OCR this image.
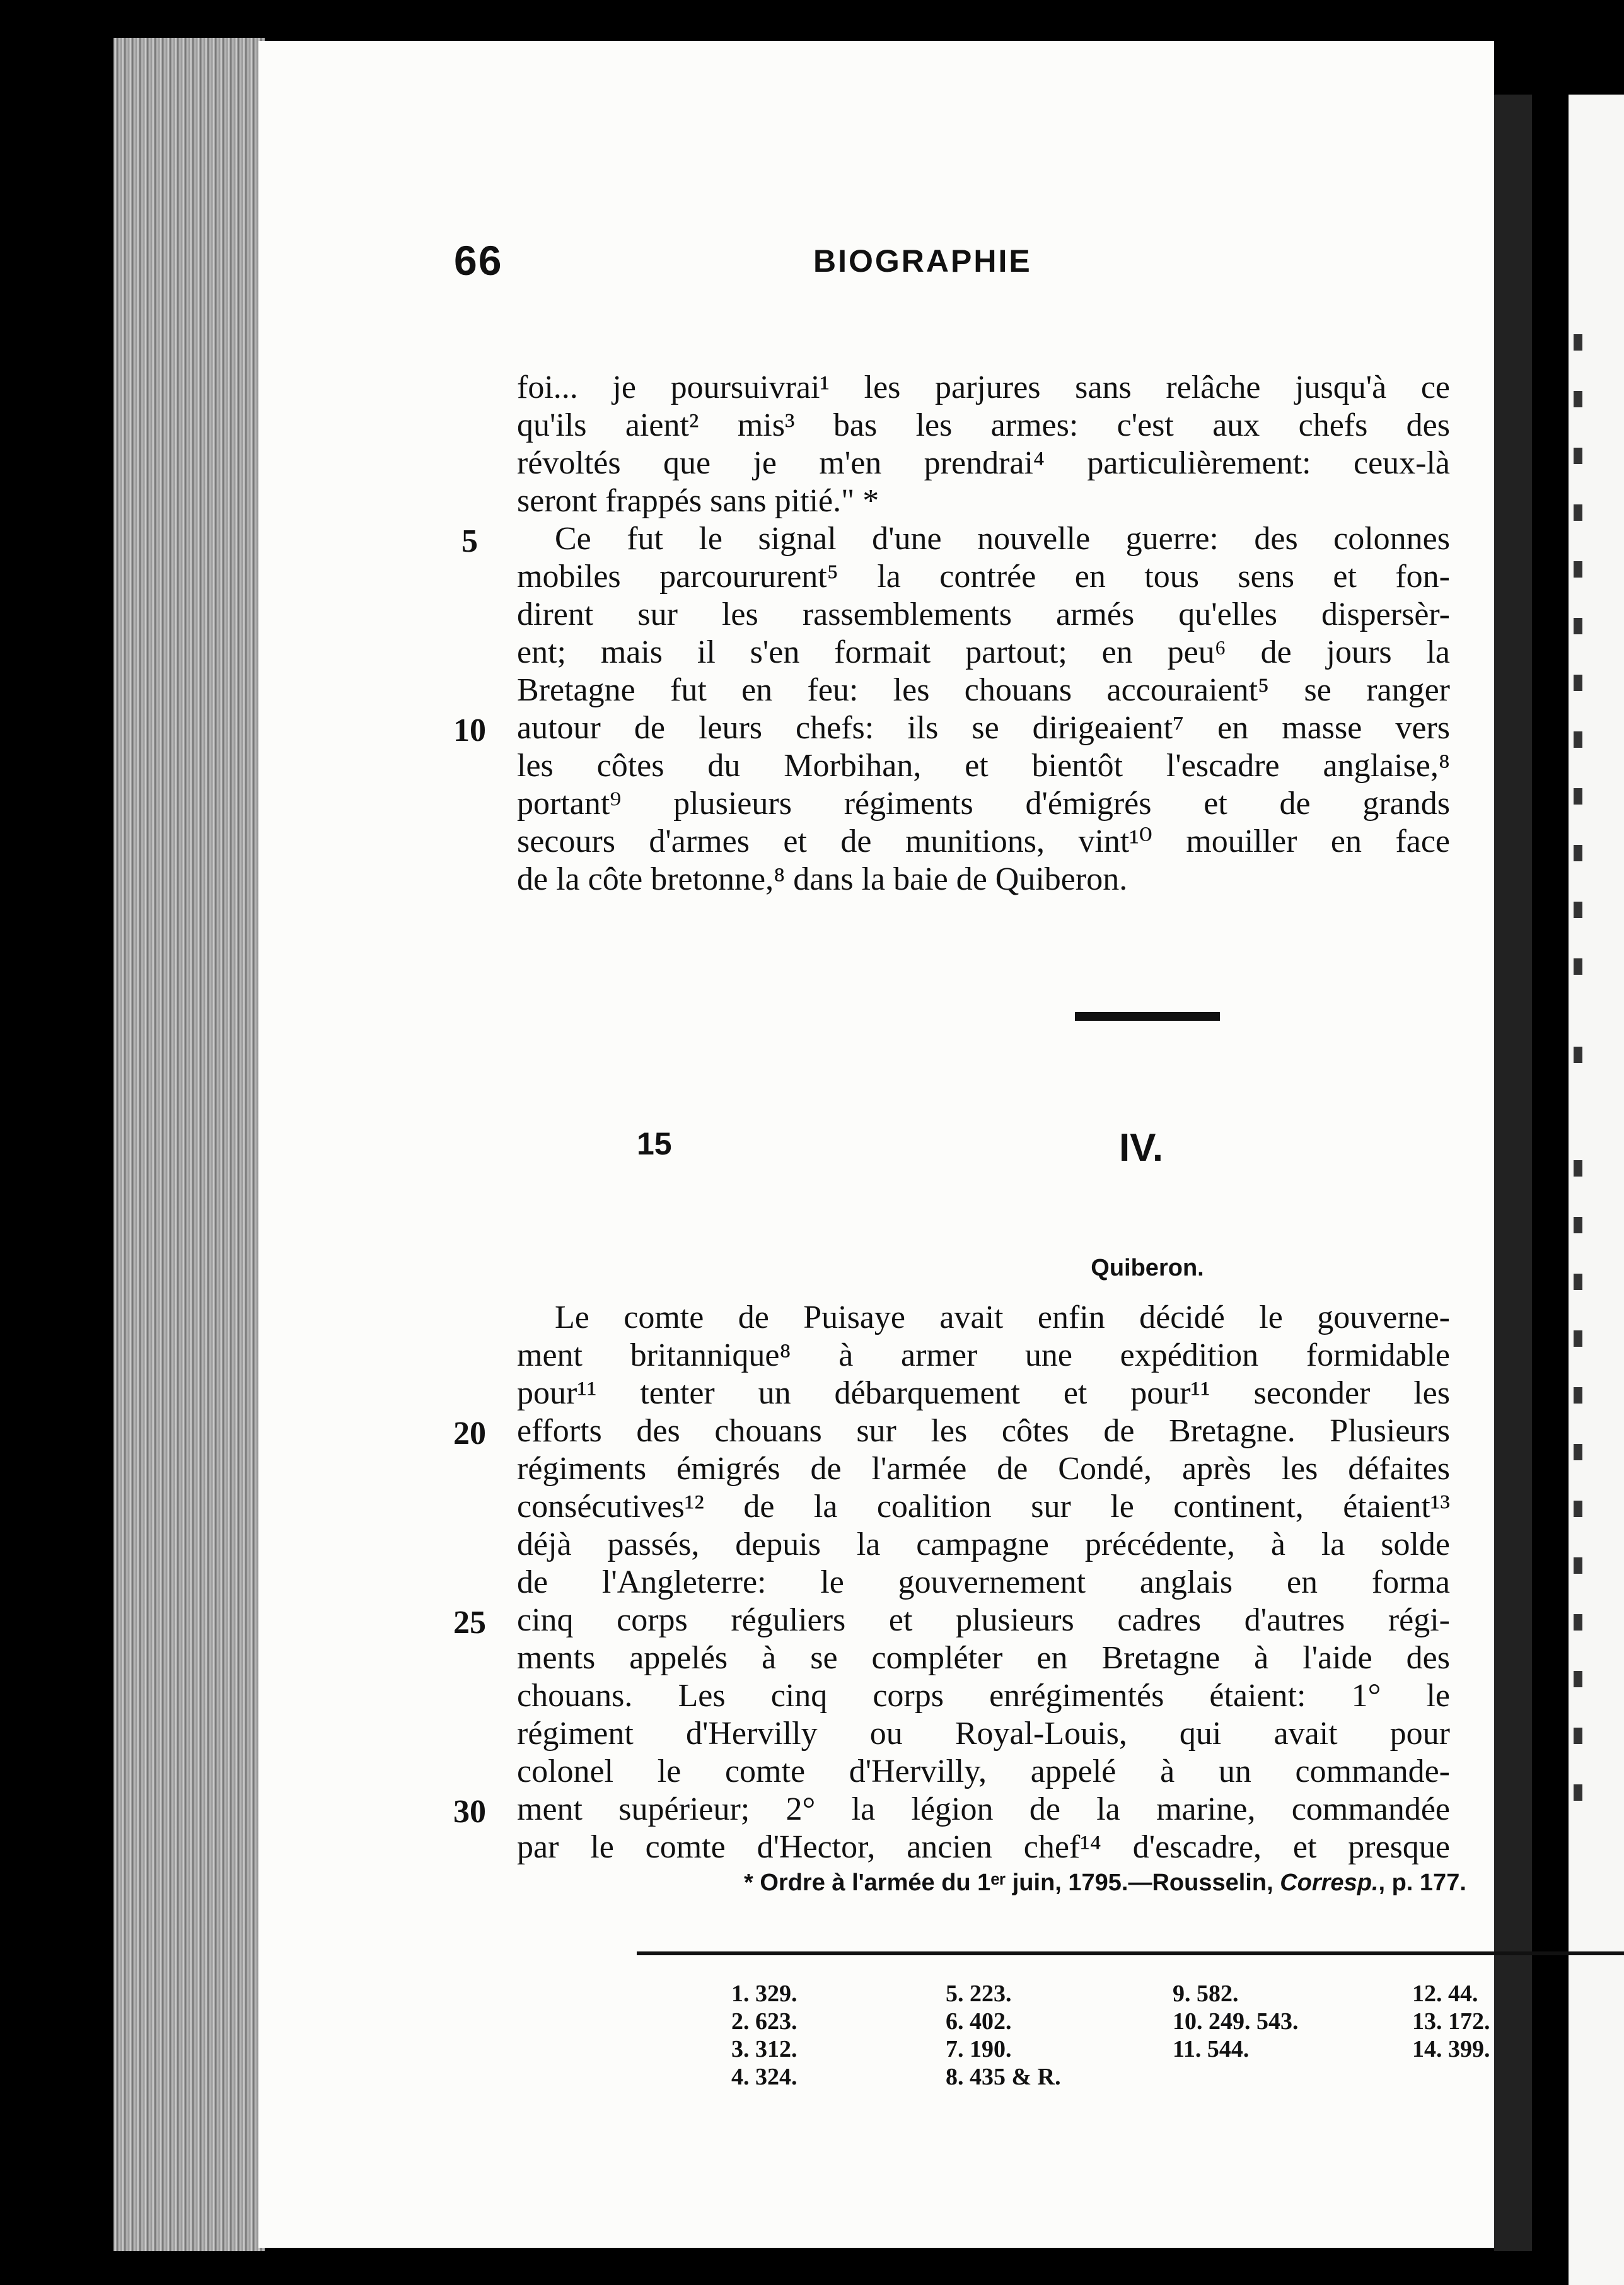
66	BIOGRAPHIE
foi... je poursuivrai¹ les parjures sans relâche jusqu'à ce
qu'ils aient² mis³ bas les armes: c'est aux chefs des
révoltés que je m'en prendrai⁴ particulièrement: ceux-là
seront frappés sans pitié." *
5	Ce fut le signal d'une nouvelle guerre: des colonnes
mobiles parcoururent⁵ la contrée en tous sens et fon-
dirent sur les rassemblements armés qu'elles dispersèr-
ent; mais il s'en formait partout; en peu⁶ de jours la
Bretagne fut en feu: les chouans accouraient⁵ se ranger
10 autour de leurs chefs: ils se dirigeaient⁷ en masse vers
les côtes du Morbihan, et bientôt l'escadre anglaise,⁸
portant⁹ plusieurs régiments d'émigrés et de grands
secours d'armes et de munitions, vint¹⁰ mouiller en face
de la côte bretonne,⁸ dans la baie de Quiberon.
15	IV.
Quiberon.
Le comte de Puisaye avait enfin décidé le gouverne-
ment britannique⁸ à armer une expédition formidable
pour¹¹ tenter un débarquement et pour¹¹ seconder les
20 efforts des chouans sur les côtes de Bretagne. Plusieurs
régiments émigrés de l'armée de Condé, après les défaites
consécutives¹² de la coalition sur le continent, étaient¹³
déjà passés, depuis la campagne précédente, à la solde
de l'Angleterre: le gouvernement anglais en forma
25 cinq corps réguliers et plusieurs cadres d'autres régi-
ments appelés à se compléter en Bretagne à l'aide des
chouans. Les cinq corps enrégimentés étaient: 1° le
régiment d'Hervilly ou Royal-Louis, qui avait pour
colonel le comte d'Hervilly, appelé à un commande-
30 ment supérieur; 2° la légion de la marine, commandée
par le comte d'Hector, ancien chef¹⁴ d'escadre, et presque
* Ordre à l'armée du 1ᵉʳ juin, 1795.—Rousselin, Corresp., p. 177.
1. 329.
2. 623.
3. 312.
4. 324.
5. 223.
6. 402.
7. 190.
8. 435 & R.
9. 582.
10. 249. 543.
11. 544.
12. 44.
13. 172.
14. 399.
